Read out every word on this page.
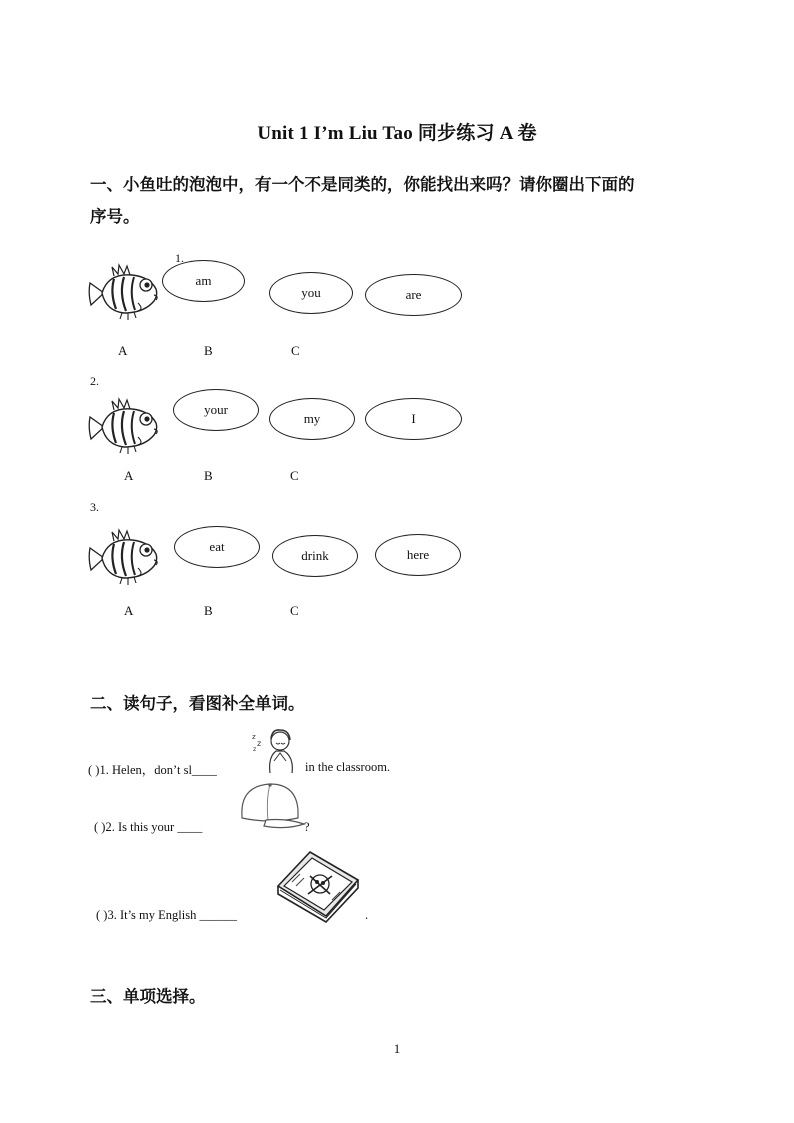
Unit 1 I’m Liu Tao 同步练习 A 卷
一、小鱼吐的泡泡中，有一个不是同类的，你能找出来吗？请你圈出下面的
序号。
1.
am
you	are
A	B	C
2.
your
my	I
A	B	C
3.
eat
drink	here
A	B	C
二、读句子，看图补全单词。
( )1. Helen，don’t sl____
z
z
z
in the classroom.
( )2. Is this your ____	?
( )3. It’s my English ______	.
三、单项选择。
1
